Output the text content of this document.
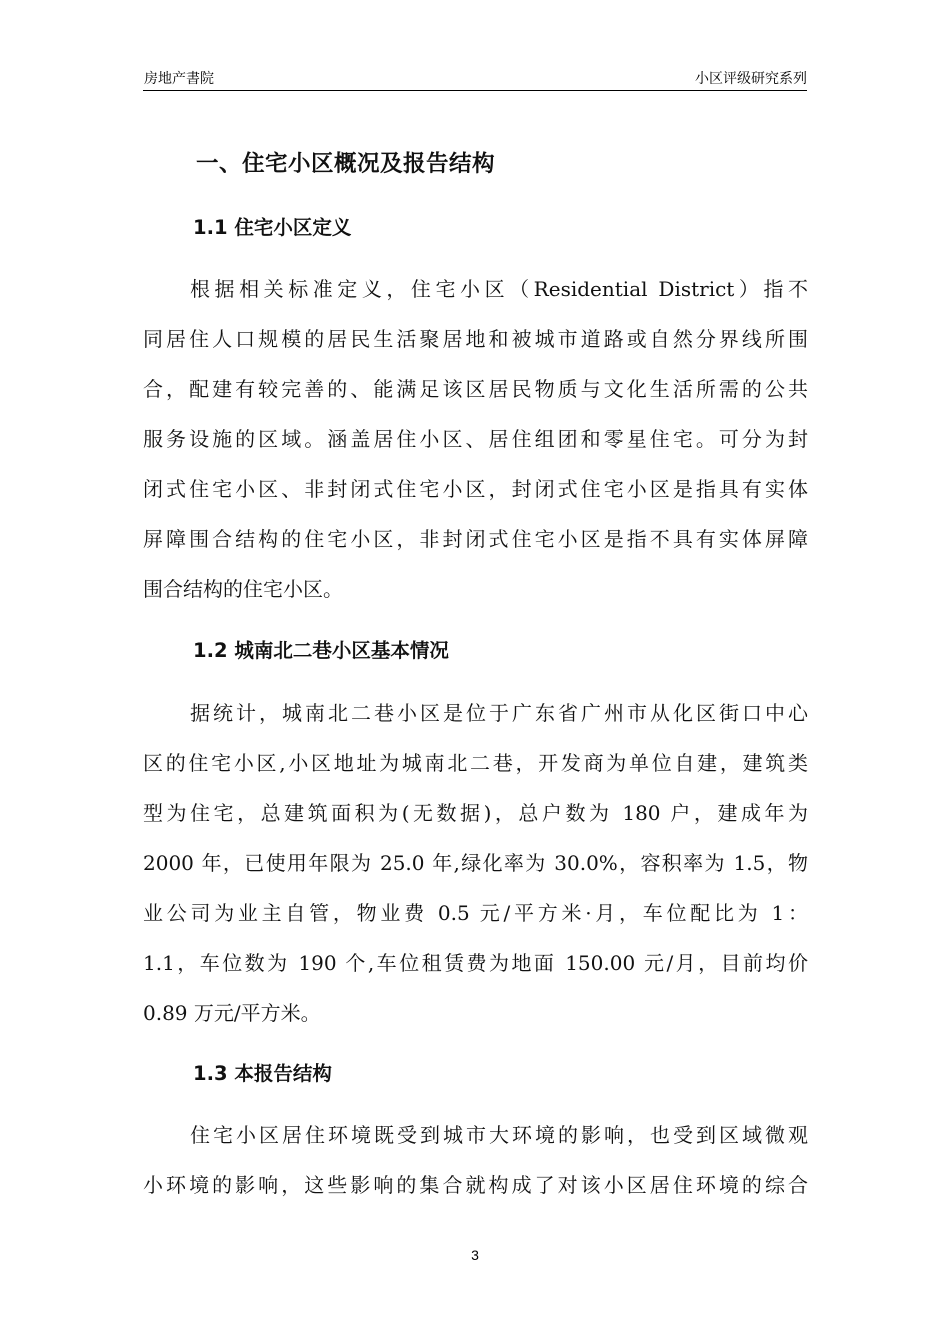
房地产書院	小区评级研究系列
一、住宅小区概况及报告结构
1.1 住宅小区定义
根据相关标准定义，住宅小区（Residential District）指不
同居住人口规模的居民生活聚居地和被城市道路或自然分界线所围
合，配建有较完善的、能满足该区居民物质与文化生活所需的公共
服务设施的区域。涵盖居住小区、居住组团和零星住宅。可分为封
闭式住宅小区、非封闭式住宅小区，封闭式住宅小区是指具有实体
屏障围合结构的住宅小区，非封闭式住宅小区是指不具有实体屏障
围合结构的住宅小区。
1.2 城南北二巷小区基本情况
据统计，城南北二巷小区是位于广东省广州市从化区街口中心
区的住宅小区,小区地址为城南北二巷，开发商为单位自建，建筑类
型为住宅，总建筑面积为(无数据)，总户数为 180 户，建成年为
2000 年，已使用年限为 25.0 年,绿化率为 30.0%，容积率为 1.5，物
业公司为业主自管，物业费 0.5 元/平方米·月，车位配比为 1：
1.1，车位数为 190 个,车位租赁费为地面 150.00 元/月，目前均价
0.89 万元/平方米。
1.3 本报告结构
住宅小区居住环境既受到城市大环境的影响，也受到区域微观
小环境的影响，这些影响的集合就构成了对该小区居住环境的综合
3
